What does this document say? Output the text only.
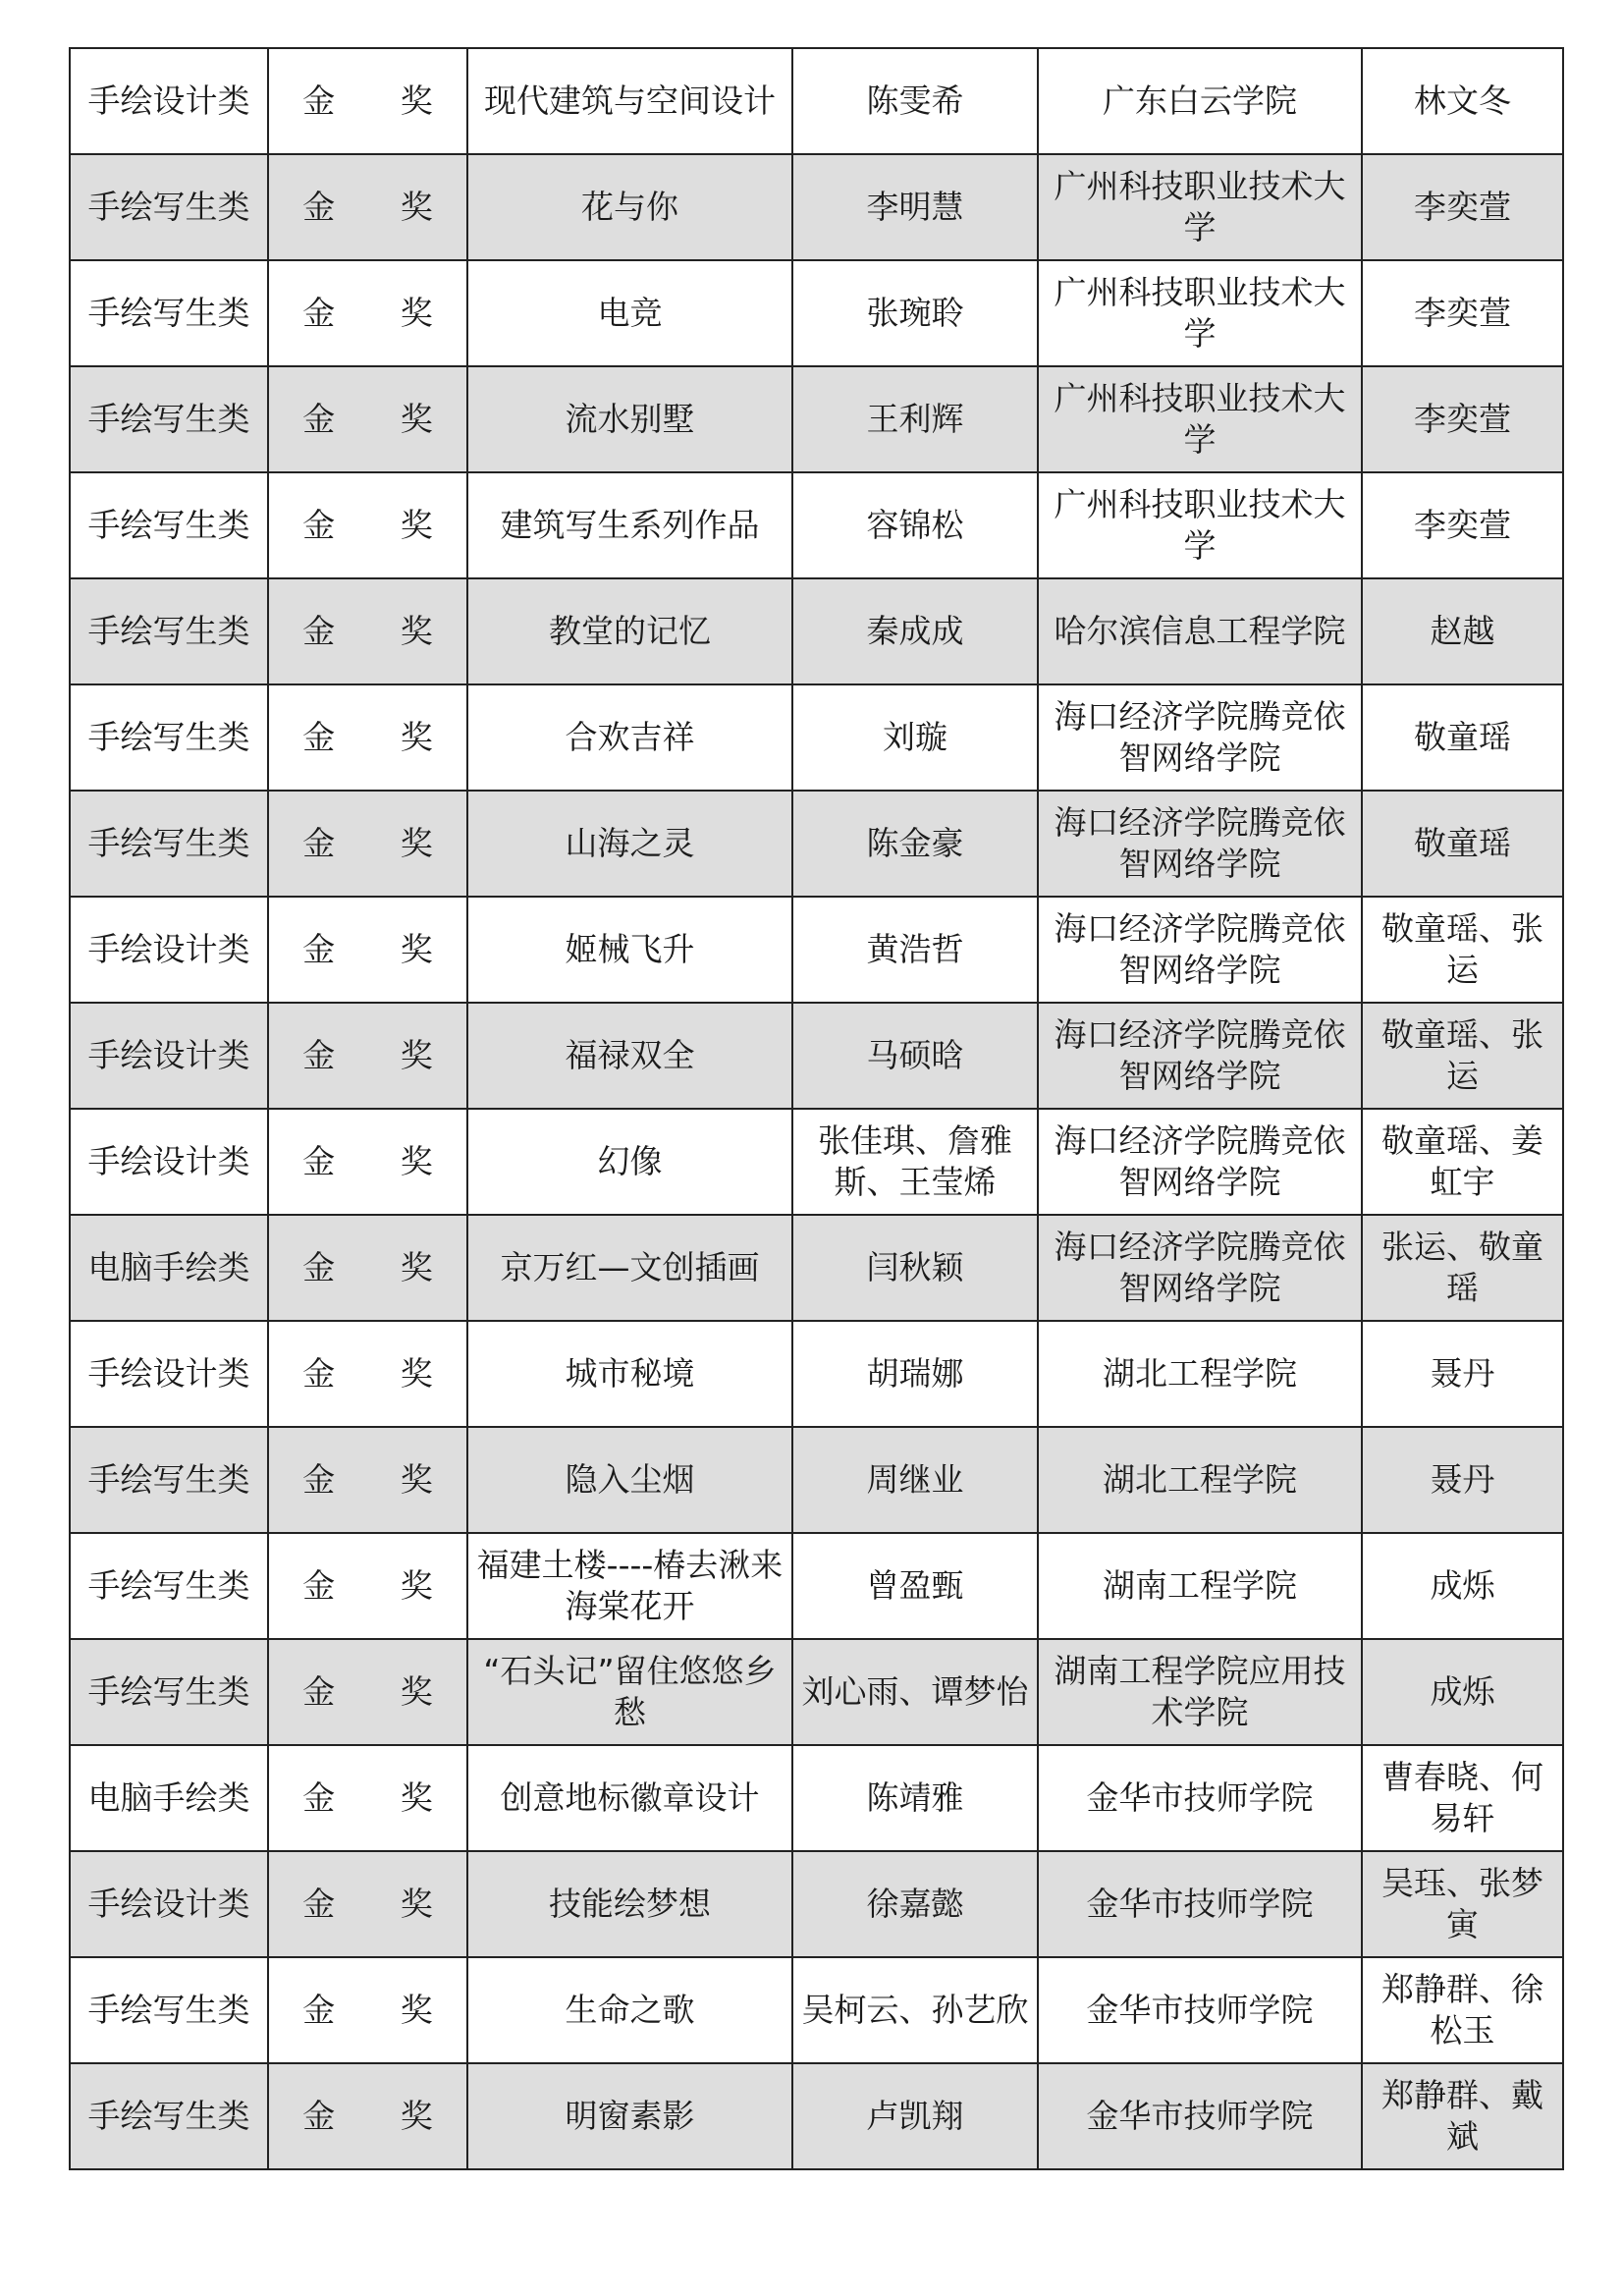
手绘设计类	金 奖	现代建筑与空间设计	陈雯希	广东白云学院	林文冬
手绘写生类	金 奖	花与你	李明慧	广州科技职业技术大学	李奕萱
手绘写生类	金 奖	电竞	张琬聆	广州科技职业技术大学	李奕萱
手绘写生类	金 奖	流水别墅	王利辉	广州科技职业技术大学	李奕萱
手绘写生类	金 奖	建筑写生系列作品	容锦松	广州科技职业技术大学	李奕萱
手绘写生类	金 奖	教堂的记忆	秦成成	哈尔滨信息工程学院	赵越
手绘写生类	金 奖	合欢吉祥	刘璇	海口经济学院腾竞依智网络学院	敬童瑶
手绘写生类	金 奖	山海之灵	陈金豪	海口经济学院腾竞依智网络学院	敬童瑶
手绘设计类	金 奖	姬械飞升	黄浩哲	海口经济学院腾竞依智网络学院	敬童瑶、张运
手绘设计类	金 奖	福禄双全	马硕晗	海口经济学院腾竞依智网络学院	敬童瑶、张运
手绘设计类	金 奖	幻像	张佳琪、詹雅斯、王莹烯	海口经济学院腾竞依智网络学院	敬童瑶、姜虹宇
电脑手绘类	金 奖	京万红—文创插画	闫秋颖	海口经济学院腾竞依智网络学院	张运、敬童瑶
手绘设计类	金 奖	城市秘境	胡瑞娜	湖北工程学院	聂丹
手绘写生类	金 奖	隐入尘烟	周继业	湖北工程学院	聂丹
手绘写生类	金 奖	福建土楼----椿去湫来海棠花开	曾盈甄	湖南工程学院	成烁
手绘写生类	金 奖	“石头记”留住悠悠乡愁	刘心雨、谭梦怡	湖南工程学院应用技术学院	成烁
电脑手绘类	金 奖	创意地标徽章设计	陈靖雅	金华市技师学院	曹春晓、何易轩
手绘设计类	金 奖	技能绘梦想	徐嘉懿	金华市技师学院	吴珏、张梦寅
手绘写生类	金 奖	生命之歌	吴柯云、孙艺欣	金华市技师学院	郑静群、徐松玉
手绘写生类	金 奖	明窗素影	卢凯翔	金华市技师学院	郑静群、戴斌
